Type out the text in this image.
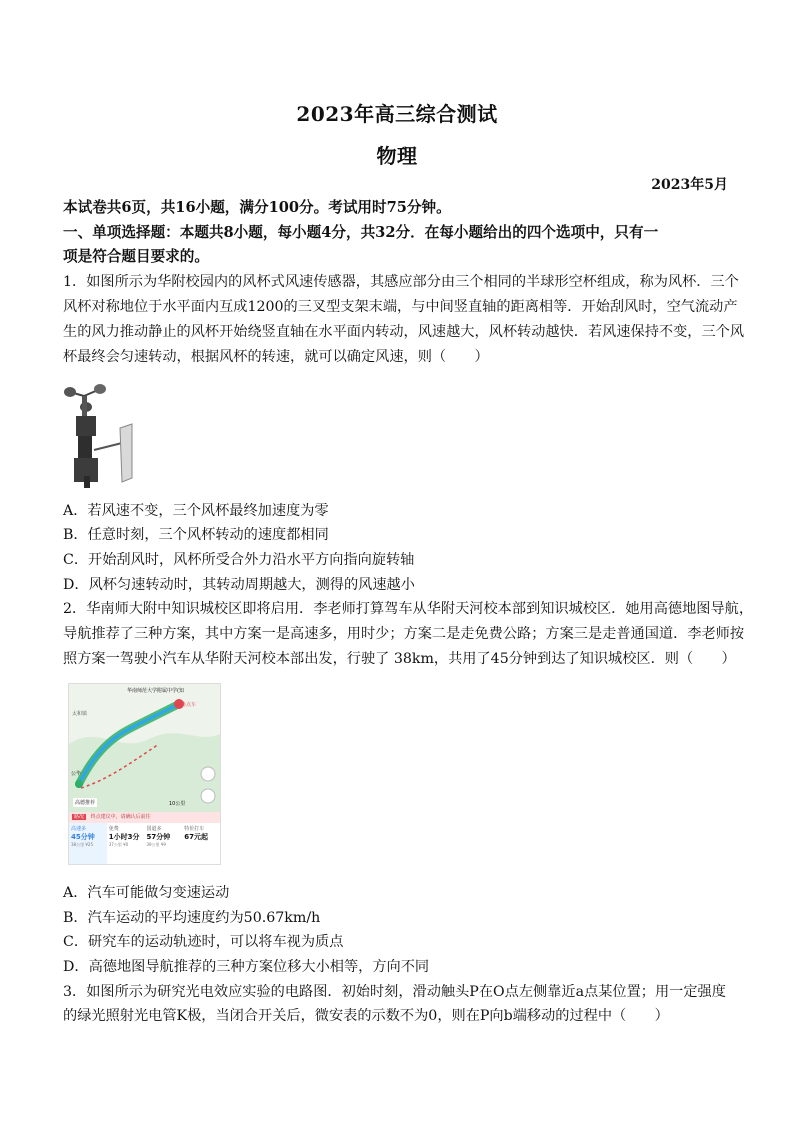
2023年高三综合测试
物理
2023年5月
本试卷共6页，共16小题，满分100分。考试用时75分钟。
一、单项选择题：本题共8小题，每小题4分，共32分．在每小题给出的四个选项中，只有一
项是符合题目要求的。
1．如图所示为华附校园内的风杯式风速传感器，其感应部分由三个相同的半球形空杯组成，称为风杯．三个
风杯对称地位于水平面内互成1200的三叉型支架末端，与中间竖直轴的距离相等．开始刮风时，空气流动产
生的风力推动静止的风杯开始绕竖直轴在水平面内转动，风速越大，风杯转动越快．若风速保持不变，三个风
杯最终会匀速转动，根据风杯的转速，就可以确定风速，则（　　）
A．若风速不变，三个风杯最终加速度为零
B．任意时刻，三个风杯转动的速度都相同
C．开始刮风时，风杯所受合外力沿水平方向指向旋转轴
D．风杯匀速转动时，其转动周期越大，测得的风速越小
2．华南师大附中知识城校区即将启用．李老师打算驾车从华附天河校本部到知识城校区．她用高德地图导航，
导航推荐了三种方案，其中方案一是高速多，用时少；方案二是走免费公路；方案三是走普通国道．李老师按
照方案一驾驶小汽车从华附天河校本部出发，行驶了 38km，共用了45分钟到达了知识城校区．则（　　）
华南师范大学附属中学(知
终点车
太和镇
公毕
高德推荐	10公里
路况 终点建议中，请确认后前往
高速多
45分钟
38公里 ¥25
免费
1小时3分
37公里 ¥0
国道多
57分钟
39公里 ¥9
特价打车
67元起
A．汽车可能做匀变速运动
B．汽车运动的平均速度约为50.67km/h
C．研究车的运动轨迹时，可以将车视为质点
D．高德地图导航推荐的三种方案位移大小相等，方向不同
3．如图所示为研究光电效应实验的电路图．初始时刻，滑动触头P在O点左侧靠近a点某位置；用一定强度
的绿光照射光电管K极，当闭合开关后，微安表的示数不为0，则在P向b端移动的过程中（　　）
